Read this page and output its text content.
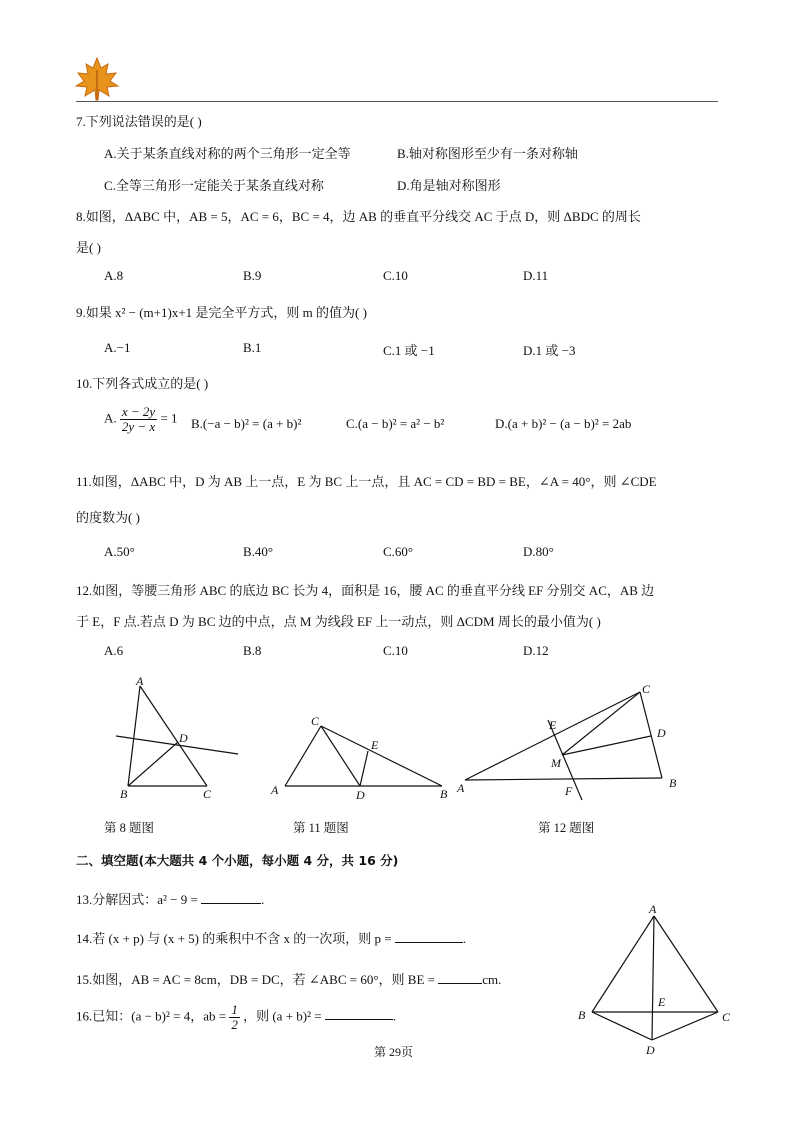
7.下列说法错误的是( )
A.关于某条直线对称的两个三角形一定全等	B.轴对称图形至少有一条对称轴
C.全等三角形一定能关于某条直线对称	D.角是轴对称图形
8.如图，ΔABC 中，AB = 5，AC = 6，BC = 4，边 AB 的垂直平分线交 AC 于点 D，则 ΔBDC 的周长
是( )
A.8	B.9	C.10	D.11
9.如果 x² − (m+1)x+1 是完全平方式，则 m 的值为( )
A.−1	B.1	C.1 或 −1	D.1 或 −3
10.下列各式成立的是( )
A. $\frac{x - 2y}{2y - x} = 1$ B.(−a − b)² = (a + b)²	C.(a − b)² = a² − b²	D.(a + b)² − (a − b)² = 2ab
11.如图，ΔABC 中，D 为 AB 上一点，E 为 BC 上一点，且 AC = CD = BD = BE，∠A = 40°，则 ∠CDE
的度数为( )
A.50°	B.40°	C.60°	D.80°
12.如图，等腰三角形 ABC 的底边 BC 长为 4，面积是 16，腰 AC 的垂直平分线 EF 分别交 AC，AB 边
于 E，F 点.若点 D 为 BC 边的中点，点 M 为线段 EF 上一动点，则 ΔCDM 周长的最小值为( )
A.6	B.8	C.10	D.12
A
D
B	C
C
E
A	D	B
C
E
D
M
A	F
B
第 8 题图	第 11 题图	第 12 题图
二、填空题(本大题共 4 个小题，每小题 4 分，共 16 分)
13.分解因式：a² − 9 =	.
14.若 (x + p) 与 (x + 5) 的乘积中不含 x 的一次项，则 p =	.
15.如图，AB = AC = 8cm，DB = DC，若 ∠ABC = 60°，则 BE =	cm.
16.已知：(a − b)² = 4，ab = $\frac{1}{2}$ ，则 (a + b)² =	.
A
E
B	C
D
第 29页
